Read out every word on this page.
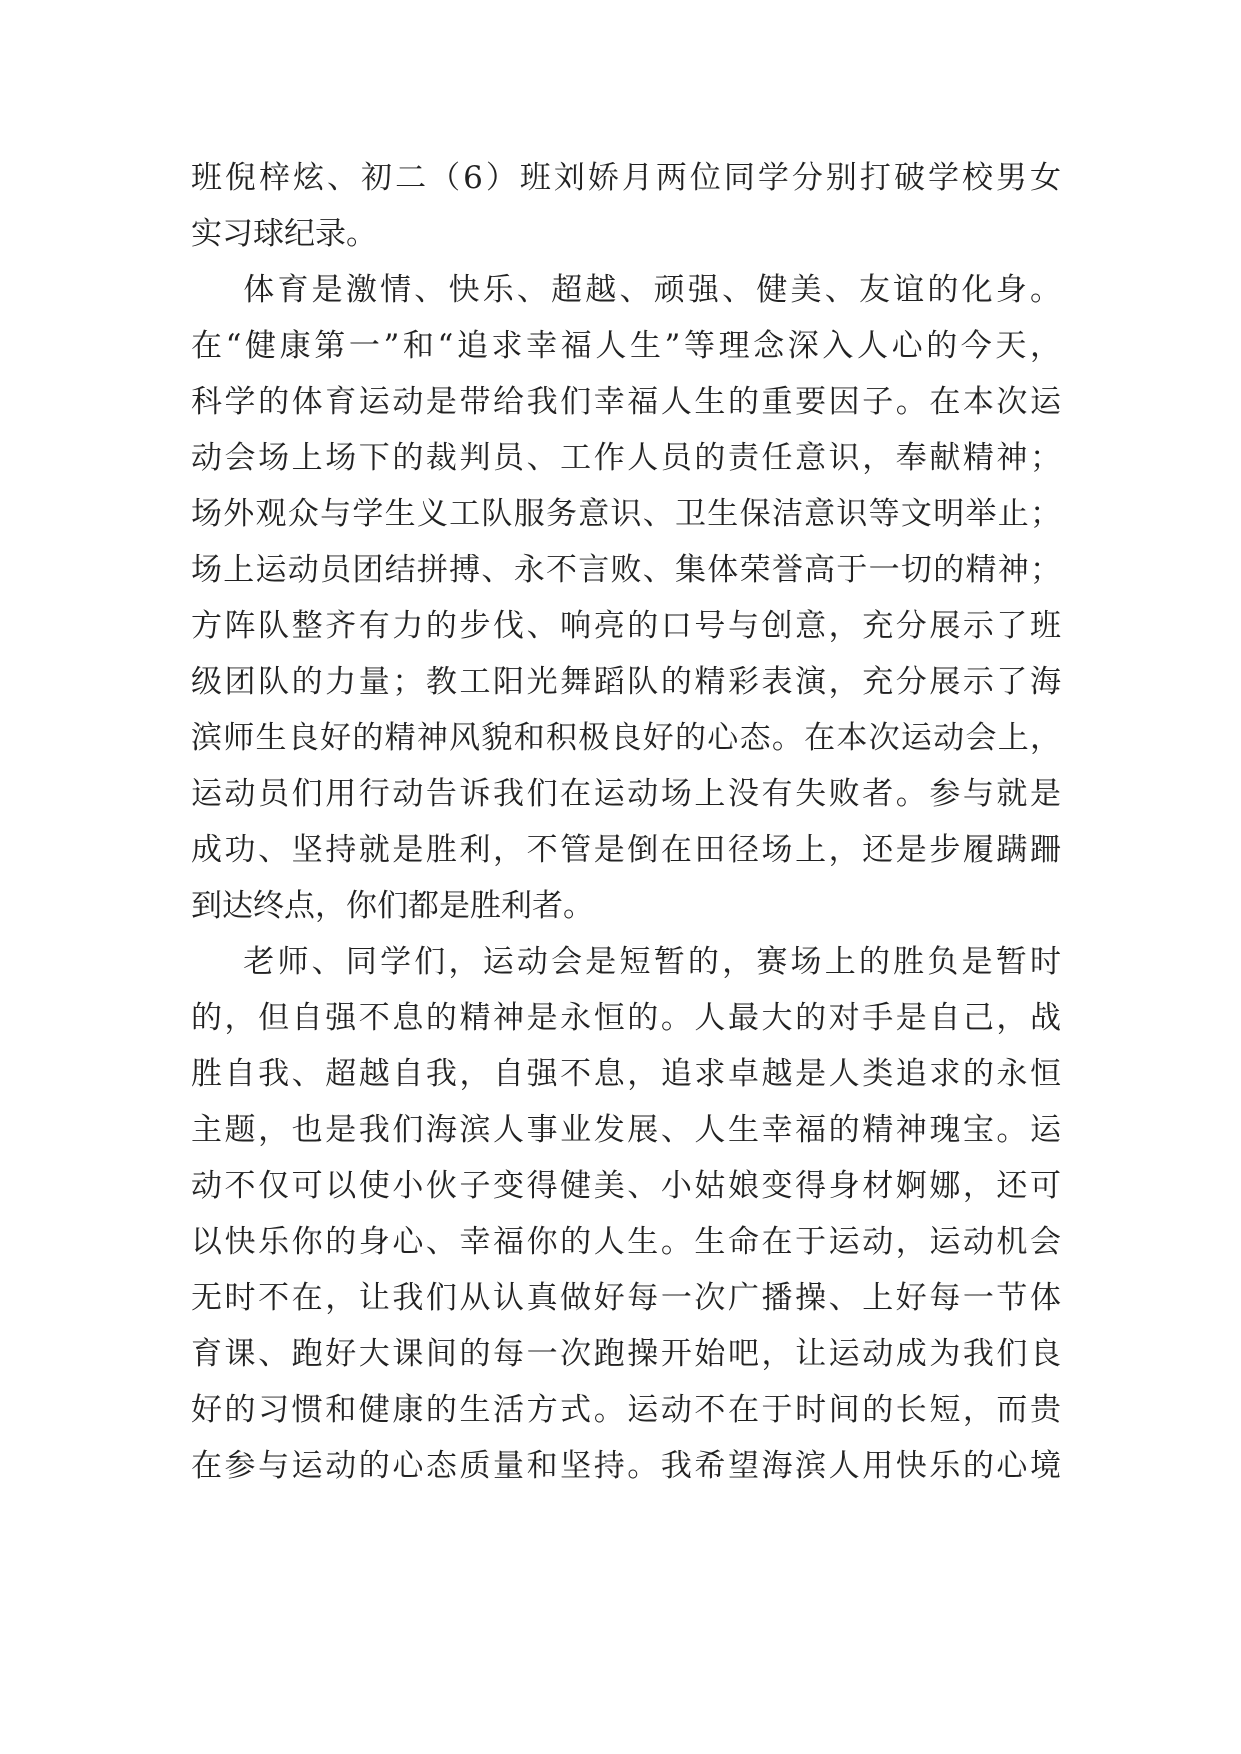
班倪梓炫、初二（6）班刘娇月两位同学分别打破学校男女
实习球纪录。
体育是激情、快乐、超越、顽强、健美、友谊的化身。
在“健康第一”和“追求幸福人生”等理念深入人心的今天，
科学的体育运动是带给我们幸福人生的重要因子。在本次运
动会场上场下的裁判员、工作人员的责任意识，奉献精神；
场外观众与学生义工队服务意识、卫生保洁意识等文明举止；
场上运动员团结拼搏、永不言败、集体荣誉高于一切的精神；
方阵队整齐有力的步伐、响亮的口号与创意，充分展示了班
级团队的力量；教工阳光舞蹈队的精彩表演，充分展示了海
滨师生良好的精神风貌和积极良好的心态。在本次运动会上，
运动员们用行动告诉我们在运动场上没有失败者。参与就是
成功、坚持就是胜利，不管是倒在田径场上，还是步履蹒跚
到达终点，你们都是胜利者。
老师、同学们，运动会是短暂的，赛场上的胜负是暂时
的，但自强不息的精神是永恒的。人最大的对手是自己，战
胜自我、超越自我，自强不息，追求卓越是人类追求的永恒
主题，也是我们海滨人事业发展、人生幸福的精神瑰宝。运
动不仅可以使小伙子变得健美、小姑娘变得身材婀娜，还可
以快乐你的身心、幸福你的人生。生命在于运动，运动机会
无时不在，让我们从认真做好每一次广播操、上好每一节体
育课、跑好大课间的每一次跑操开始吧，让运动成为我们良
好的习惯和健康的生活方式。运动不在于时间的长短，而贵
在参与运动的心态质量和坚持。我希望海滨人用快乐的心境
